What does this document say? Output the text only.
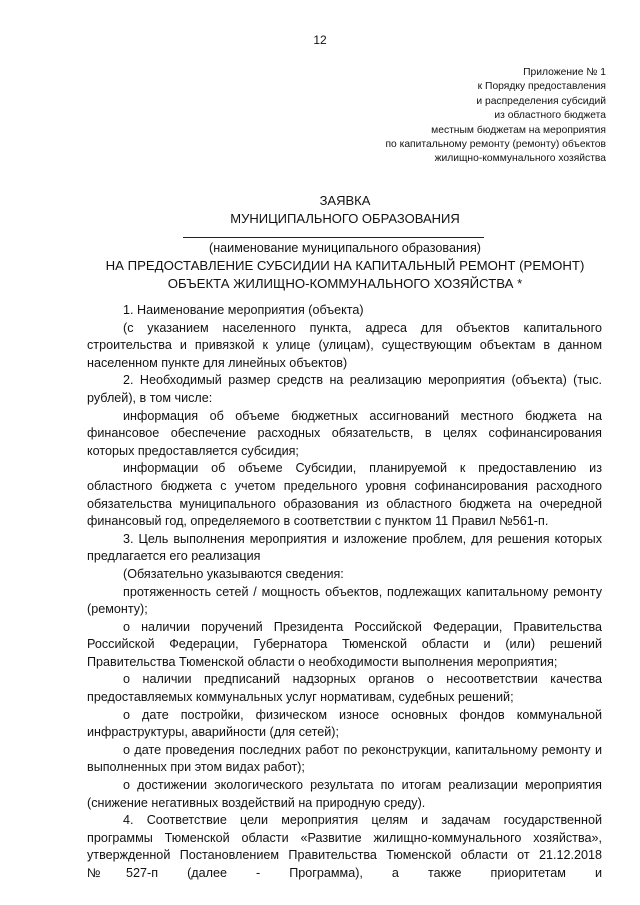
12
Приложение № 1
к Порядку предоставления
и распределения субсидий
из областного бюджета
местным бюджетам на мероприятия
по капитальному ремонту (ремонту) объектов
жилищно-коммунального хозяйства
ЗАЯВКА
МУНИЦИПАЛЬНОГО ОБРАЗОВАНИЯ
(наименование муниципального образования)
НА ПРЕДОСТАВЛЕНИЕ СУБСИДИИ НА КАПИТАЛЬНЫЙ РЕМОНТ (РЕМОНТ)
ОБЪЕКТА ЖИЛИЩНО-КОММУНАЛЬНОГО ХОЗЯЙСТВА *

1. Наименование мероприятия (объекта)

(с указанием населенного пункта, адреса для объектов капитального строительства и привязкой к улице (улицам), существующим объектам в данном населенном пункте для линейных объектов)

2. Необходимый размер средств на реализацию мероприятия (объекта) (тыс. рублей), в том числе:

информация об объеме бюджетных ассигнований местного бюджета на финансовое обеспечение расходных обязательств, в целях софинансирования которых предоставляется субсидия;

информации об объеме Субсидии, планируемой к предоставлению из областного бюджета с учетом предельного уровня софинансирования расходного обязательства муниципального образования из областного бюджета на очередной финансовый год, определяемого в соответствии с пунктом 11 Правил №561-п.

3. Цель выполнения мероприятия и изложение проблем, для решения которых предлагается его реализация

(Обязательно указываются сведения:

протяженность сетей / мощность объектов, подлежащих капитальному ремонту (ремонту);

о наличии поручений Президента Российской Федерации, Правительства Российской Федерации, Губернатора Тюменской области и (или) решений Правительства Тюменской области о необходимости выполнения мероприятия;

о наличии предписаний надзорных органов о несоответствии качества предоставляемых коммунальных услуг нормативам, судебных решений;

о дате постройки, физическом износе основных фондов коммунальной инфраструктуры, аварийности (для сетей);

о дате проведения последних работ по реконструкции, капитальному ремонту и выполненных при этом видах работ);

о достижении экологического результата по итогам реализации мероприятия (снижение негативных воздействий на природную среду).

4. Соответствие цели мероприятия целям и задачам государственной программы Тюменской области «Развитие жилищно-коммунального хозяйства», утвержденной Постановлением Правительства Тюменской области от 21.12.2018 №527-п (далее - Программа), а также приоритетам и
